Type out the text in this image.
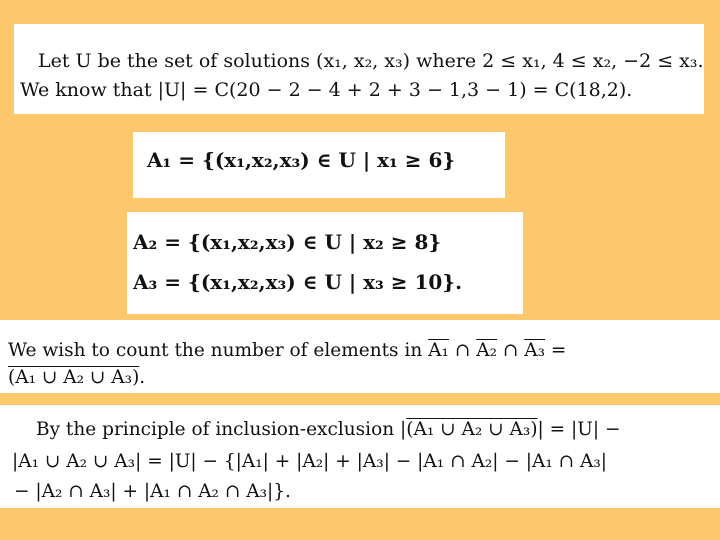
Let U be the set of solutions (x₁, x₂, x₃) where 2 ≤ x₁, 4 ≤ x₂, −2 ≤ x₃.
We know that |U| = C(20 − 2 − 4 + 2 + 3 − 1,3 − 1) = C(18,2).
A₁ = {(x₁,x₂,x₃) ∈ U | x₁ ≥ 6}
A₂ = {(x₁,x₂,x₃) ∈ U | x₂ ≥ 8}
A₃ = {(x₁,x₂,x₃) ∈ U | x₃ ≥ 10}.
We wish to count the number of elements in A₁ ∩ A₂ ∩ A₃ =
(A₁ ∪ A₂ ∪ A₃).
By the principle of inclusion-exclusion |(A₁ ∪ A₂ ∪ A₃)| = |U| −
|A₁ ∪ A₂ ∪ A₃| = |U| − {|A₁| + |A₂| + |A₃| − |A₁ ∩ A₂| − |A₁ ∩ A₃|
− |A₂ ∩ A₃| + |A₁ ∩ A₂ ∩ A₃|}.
